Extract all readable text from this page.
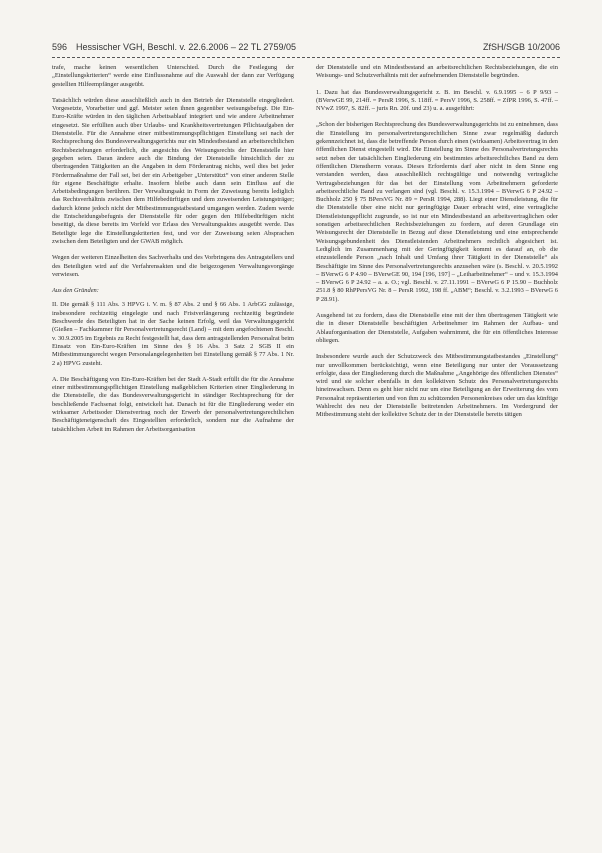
596 Hessischer VGH, Beschl. v. 22.6.2006 – 22 TL 2759/05	ZfSH/SGB 10/2006

trafe, mache keinen wesentlichen Unterschied. Durch die Festlegung der „Einstellungskriterien“ werde eine Einflussnahme auf die Auswahl der dann zur Verfügung gestellten Hilfeempfänger ausgeübt.

Tatsächlich würden diese ausschließlich auch in den Betrieb der Dienststelle eingegliedert. Vorgesetzte, Vorarbeiter und ggf. Meister seien ihnen gegenüber weisungsbefugt. Die Ein-Euro-Kräfte würden in den täglichen Arbeitsablauf integriert und wie andere Arbeitnehmer eingesetzt. Sie erfüllten auch über Urlaubs- und Krankheitsvertretungen Pflichtaufgaben der Dienststelle. Für die Annahme einer mitbestimmungspflichtigen Einstellung sei nach der Rechtsprechung des Bundesverwaltungsgerichts nur ein Mindestbestand an arbeitsrechtlichen Rechtsbeziehungen erforderlich, die angesichts des Weisungsrechts der Dienststelle hier gegeben seien. Daran ändere auch die Bindung der Dienststelle hinsichtlich der zu übertragenden Tätigkeiten an die Angaben in dem Förderantrag nichts, weil dies bei jeder Fördermaßnahme der Fall sei, bei der ein Arbeitgeber „Unterstützt“ von einer anderen Stelle für eigene Beschäftigte erhalte. Insofern bleibe auch dann sein Einfluss auf die Arbeitsbedingungen berühren. Der Verwaltungsakt in Form der Zuweisung bereits lediglich das Rechtsverhältnis zwischen dem Hilfebedürftigen und dem zuweisenden Leistungsträger; dadurch könne jedoch nicht der Mitbestimmungstatbestand umgangen werden. Zudem werde die Entscheidungsbefugnis der Dienststelle für oder gegen den Hilfebedürftigen nicht beseitigt, da diese bereits im Vorfeld vor Erlass des Verwaltungsaktes ausgeübt werde. Das Beteiligte lege die Einstellungskriterien fest, und vor der Zuweisung seien Absprachen zwischen dem Beteiligten und der GWAB möglich.

Wegen der weiteren Einzelheiten des Sachverhalts und des Vorbringens des Antragstellers und des Beteiligten wird auf die Verfahrensakten und die beigezogenen Verwaltungsvorgänge verwiesen.

Aus den Gründen:

II. Die gemäß § 111 Abs. 3 HPVG i. V. m. § 87 Abs. 2 und § 66 Abs. 1 ArbGG zulässige, insbesondere rechtzeitig eingelegte und nach Fristverlängerung rechtzeitig begründete Beschwerde des Beteiligten hat in der Sache keinen Erfolg, weil das Verwaltungsgericht (Gießen – Fachkammer für Personalvertretungsrecht (Land) – mit dem angefochtenen Beschl. v. 30.9.2005 im Ergebnis zu Recht festgestellt hat, dass dem antragstellenden Personalrat beim Einsatz von Ein-Euro-Kräften im Sinne des § 16 Abs. 3 Satz 2 SGB II ein Mitbestimmungsrecht wegen Personalangelegenheiten bei Einstellung gemäß § 77 Abs. 1 Nr. 2 a) HPVG zusteht.

A. Die Beschäftigung von Ein-Euro-Kräften bei der Stadt A-Stadt erfüllt die für die Annahme einer mitbestimmungspflichtigen Einstellung maßgeblichen Kriterien einer Eingliederung in die Dienststelle, die das Bundesverwaltungsgericht in ständiger Rechtsprechung für der beschließende Fachsenat folgt, entwickelt hat. Danach ist für die Eingliederung weder ein wirksamer Arbeitsoder Dienstvertrag noch der Erwerb der personalvertretungsrechtlichen Beschäftigteneigenschaft des Eingestellten erforderlich, sondern nur die Aufnahme der tatsächlichen Arbeit im Rahmen der Arbeitsorganisation

der Dienststelle und ein Mindestbestand an arbeitsrechtlichen Rechtsbeziehungen, die ein Weisungs- und Schutzverhältnis mit der aufnehmenden Dienststelle begründen.

1. Dazu hat das Bundesverwaltungsgericht z. B. im Beschl. v. 6.9.1995 – 6 P 9/93 – (BVerwGE 99, 214ff. = PersR 1996, S. 118ff. = PersV 1996, S. 258ff. = ZfPR 1996, S. 47ff. – NVwZ 1997, S. 82ff. – juris Rn. 20f. und 23) u. a. ausgeführt:

„Schon der bisherigen Rechtsprechung des Bundesverwaltungsgerichts ist zu entnehmen, dass die Einstellung im personalvertretungsrechtlichen Sinne zwar regelmäßig dadurch gekennzeichnet ist, dass die betreffende Person durch einen (wirksamen) Arbeitsvertrag in den öffentlichen Dienst eingestellt wird. Die Einstellung im Sinne des Personalvertretungsrechts setzt neben der tatsächlichen Eingliederung ein bestimmtes arbeitsrechtliches Band zu dem öffentlichen Dienstherrn voraus. Dieses Erfordernis darf aber nicht in dem Sinne eng verstanden werden, dass ausschließlich rechtsgültige und notwendig vertragliche Vertragsbeziehungen für das bei der Einstellung vom Arbeitnehmern geforderte arbeitsrechtliche Band zu verlangen sind (vgl. Beschl. v. 15.3.1994 – BVerwG 6 P 24.92 – Buchholz 250 § 75 BPersVG Nr. 89 = PersR 1994, 288). Liegt einer Dienstleistung, die für die Dienststelle über eine nicht nur geringfügige Dauer erbracht wird, eine vertragliche Dienstleistungspflicht zugrunde, so ist nur ein Mindestbestand an arbeitsvertraglichen oder sonstigen arbeitsrechtlichen Rechtsbeziehungen zu fordern, auf deren Grundlage ein Weisungsrecht der Dienststelle in Bezug auf diese Dienstleistung und eine entsprechende Weisungsgebundenheit des Dienstleistenden Arbeitnehmers rechtlich abgesichert ist. Lediglich im Zusammenhang mit der Geringfügigkeit kommt es darauf an, ob die einzustellende Person „nach Inhalt und Umfang ihrer Tätigkeit in der Dienststelle“ als Beschäftigte im Sinne des Personalvertretungsrechts anzusehen wäre (s. Beschl. v. 20.5.1992 – BVerwG 6 P 4.90 – BVerwGE 90, 194 [196, 197] – „Leiharbeitnehmer“ – und v. 15.3.1994 – BVerwG 6 P 24.92 – a. a. O.; vgl. Beschl. v. 27.11.1991 – BVerwG 6 P 15.90 – Buchholz 251.8 § 80 RhPPersVG Nr. 8 – PersR 1992, 198 ff. „ABM“; Beschl. v. 3.2.1993 – BVerwG 6 P 28.91).

Ausgehend ist zu fordern, dass die Dienststelle eine mit der ihm übertragenen Tätigkeit wie die in dieser Dienststelle beschäftigten Arbeitnehmer im Rahmen der Aufbau- und Ablauforganisation der Dienststelle, Aufgaben wahrnimmt, die für ein öffentliches Interesse obliegen.

Insbesondere wurde auch der Schutzzweck des Mitbestimmungstatbestandes „Einstellung“ nur unvollkommen berücksichtigt, wenn eine Beteiligung nur unter der Voraussetzung erfolgte, dass der Eingliederung durch die Maßnahme „Angehörige des öffentlichen Dienstes“ wird und sie solcher ebenfalls in den kollektiven Schutz des Personalvertretungsrechts hineinwachsen. Denn es geht hier nicht nur um eine Beteiligung an der Erweiterung des vom Personalrat repräsentierten und von ihm zu schützenden Personenkreises oder um das künftige Wahlrecht des neu der Dienststelle beitretenden Arbeitnehmers. Im Vordergrund der Mitbestimmung steht der kollektive Schutz der in der Dienststelle bereits tätigen
